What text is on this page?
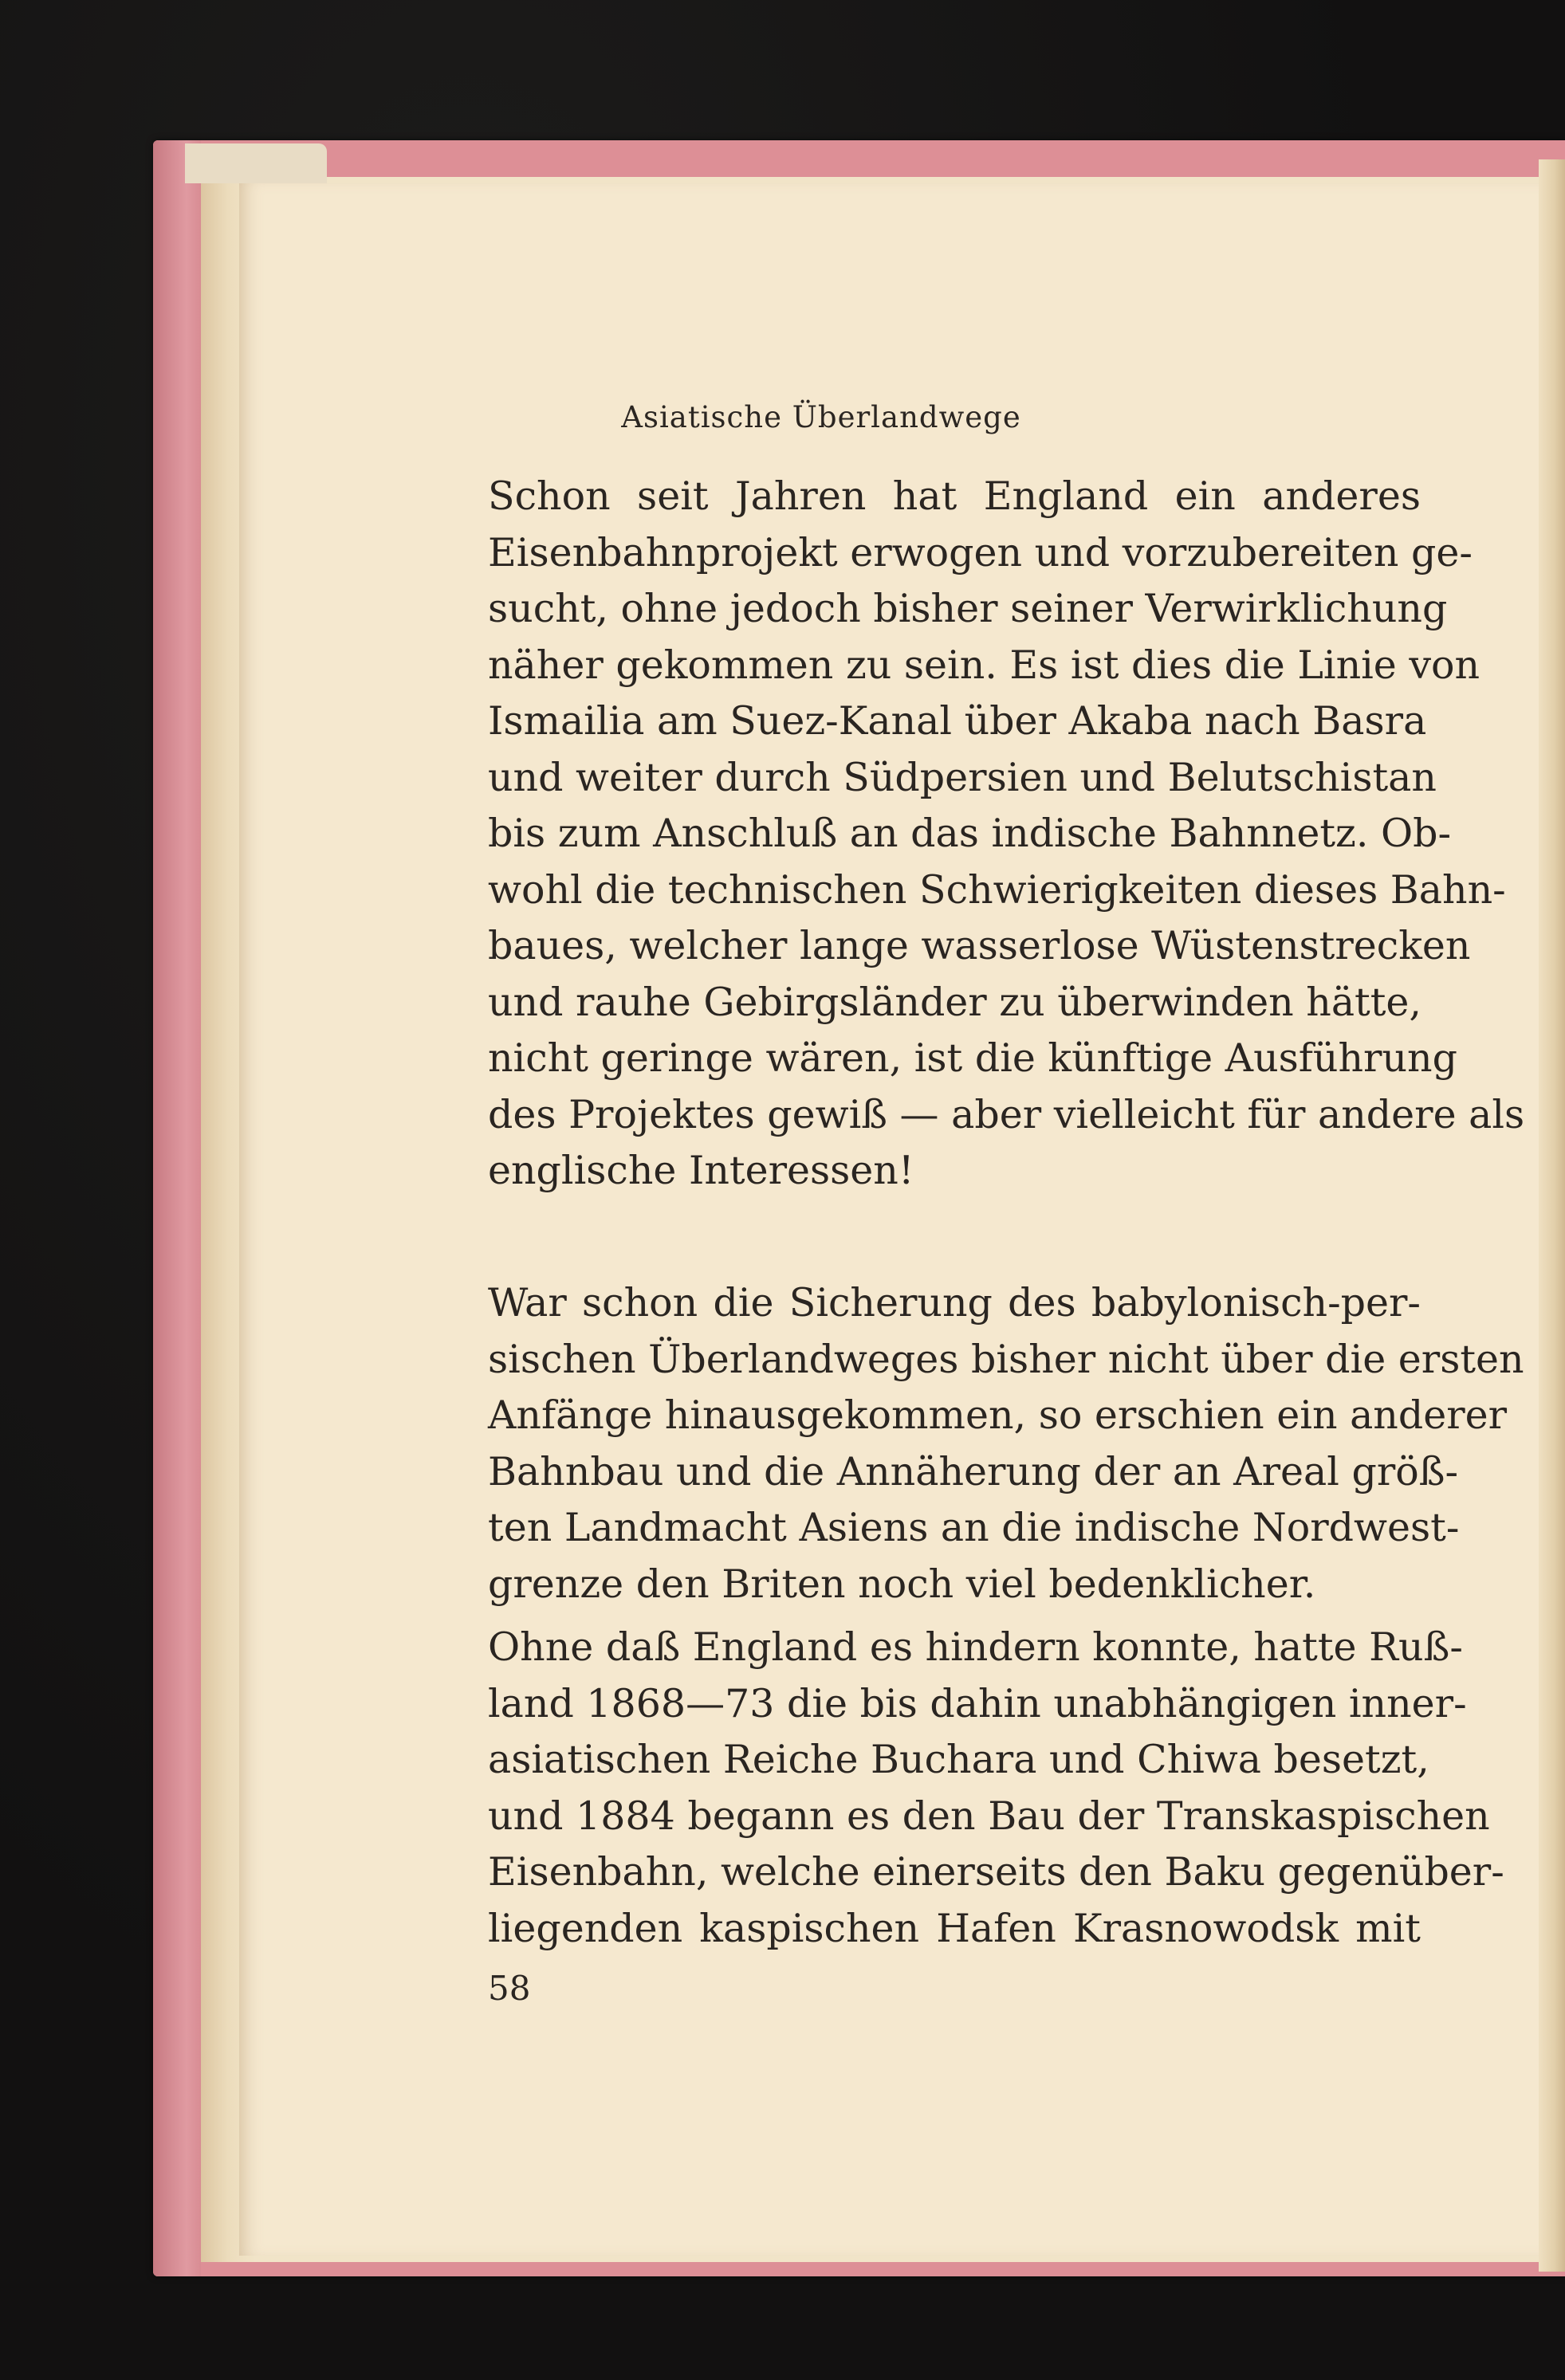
Asiatische Überlandwege
Schon seit Jahren hat England ein anderes
Eisenbahnprojekt erwogen und vorzubereiten ge-
sucht, ohne jedoch bisher seiner Verwirklichung
näher gekommen zu sein. Es ist dies die Linie von
Ismailia am Suez-Kanal über Akaba nach Basra
und weiter durch Südpersien und Belutschistan
bis zum Anschluß an das indische Bahnnetz. Ob-
wohl die technischen Schwierigkeiten dieses Bahn-
baues, welcher lange wasserlose Wüstenstrecken
und rauhe Gebirgsländer zu überwinden hätte,
nicht geringe wären, ist die künftige Ausführung
des Projektes gewiß — aber vielleicht für andere als
englische Interessen!
War schon die Sicherung des babylonisch-per-
sischen Überlandweges bisher nicht über die ersten
Anfänge hinausgekommen, so erschien ein anderer
Bahnbau und die Annäherung der an Areal größ-
ten Landmacht Asiens an die indische Nordwest-
grenze den Briten noch viel bedenklicher.
Ohne daß England es hindern konnte, hatte Ruß-
land 1868—73 die bis dahin unabhängigen inner-
asiatischen Reiche Buchara und Chiwa besetzt,
und 1884 begann es den Bau der Transkaspischen
Eisenbahn, welche einerseits den Baku gegenüber-
liegenden kaspischen Hafen Krasnowodsk mit
58
